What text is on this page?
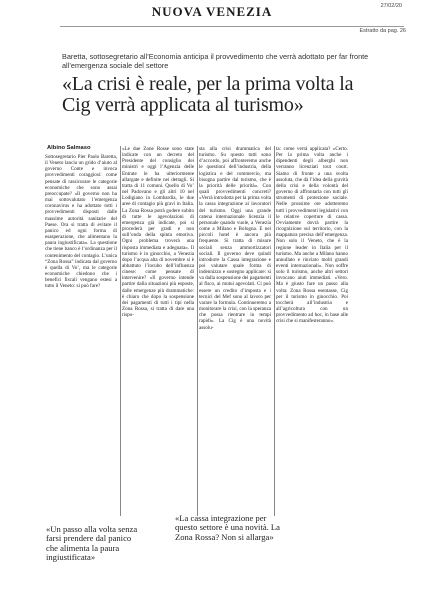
NUOVA VENEZIA	27/02/20
Estratto da pag. 26
Baretta, sottosegretario all’Economia anticipa il provvedimento che verrà adottato per far fronte all’emergenza sociale del settore
«La crisi è reale, per la prima volta la Cig verrà applicata al turismo»
Albino Salmaso
Sottosegretario Pier Paolo Baretta, il Veneto lancia un grido d’aiuto al governo Conte e invoca provvedimenti coraggiosi: come pensate di rassicurare le categorie economiche che sono assai preoccupate? «Il governo non ha mai sottovalutato l’emergenza coronavirus e ha adottato tutti i provvedimenti disposti dalle massime autorità sanitarie del Paese. Ora si tratta di evitare il panico ed ogni forma di esasperazione, che alimentano la paura ingiustificata». La questione che tiene banco è l’ordinanza per il contenimento del contagio. L’unica “Zona Rossa” indicata dal governo è quella di Vo’, ma le categorie economiche chiedono che i benefici fiscali vengano estesi a tutto il Veneto: si può fare?
«Le due Zone Rosse sono state indicate con un decreto del Presidente del consiglio dei ministri e oggi l’Agenzia delle Entrate le ha ulteriormente allargate e definite nei dettagli. Si tratta di 11 comuni. Quello di Vo’ nel Padovano e gli altri 10 nel Lodigiano in Lombardia, le due aree di contagio più gravi in Italia. La Zona Rossa potrà godere subito di tutte le agevolazioni di emergenza già indicate, poi si procederà per gradi e non sull’onda della spinta emotiva. Ogni problema troverà una risposta immediata e adeguata». Il turismo è in ginocchio, a Venezia dopo l’acqua alta di novembre si è abbattuto l’incubo dell’influenza cinese: come pensate di intervenire? «Il governo intende partire dalla situazioni più esposte, dalle emergenze più drammatiche: è chiaro che dopo la sospensione dei pagamenti di tutti i tipi nella Zona Rossa, si tratta di dare una rispo-
sta alla crisi drammatica del turismo. Su questo tutti sono d’accordo, poi affronteremo anche le questioni dell’industria, della logistica e del commercio, ma bisogna partire dal turismo, che è la priorità delle priorità». Con quali provvedimenti concreti? «Verrà introdotta per la prima volta la cassa integrazione ai lavoratori del turismo. Oggi una grande catena internazionale licenzia il personale quando vuole, a Venezia come a Milano e Bologna. E nei piccoli hotel è ancora più frequente. Si tratta di misure sociali senza ammortizzatori sociali. Il governo deve quindi introdurre la Cassa integrazione e poi valutare quale forma di indennizzo e sostegno applicare: si va dalla sospensione dei pagamenti al fisco, ai mutui agevolati. Ci può essere un credito d’imposta e i tecnici del Mef sono al lavoro per varare la formula. Continueremo a monitorare la crisi, con la speranza che possa rientrare in tempi rapidi». La Cig è una novità assolu-
ta: come verrà applicata? «Certo. Per la prima volta anche i dipendenti degli alberghi non verranno licenziati tout court. Siamo di fronte a una svolta assoluta, che dà l’idea della gravità della crisi e della volontà del governo di affrontarla con tutti gli strumenti di protezione sociale. Nelle prossime ore adotteremo tutti i provvedimenti legislativi con le relative coperture di cassa. Ovviamente dovrà partire la ricognizione sul territorio, con la mappatura precisa dell’emergenza. Non solo il Veneto, che è la regione leader in Italia per il turismo. Ma anche a Milano hanno annullato e rinviato molti grandi eventi internazionali». Non soffre solo il turismo, anche altri settori invocano aiuti immediati. «Vero. Ma è giusto fare un passo alla volta: Zona Rossa esentasse, Cig per il turismo in ginocchio. Poi toccherà all’industria e all’agricoltura con un provvedimento ad hoc, in base alle crisi che si manifesteranno».
«Un passo alla volta senza farsi prendere dal panico che alimenta la paura ingiustificata»
«La cassa integrazione per questo settore è una novità. La Zona Rossa? Non si allarga»
